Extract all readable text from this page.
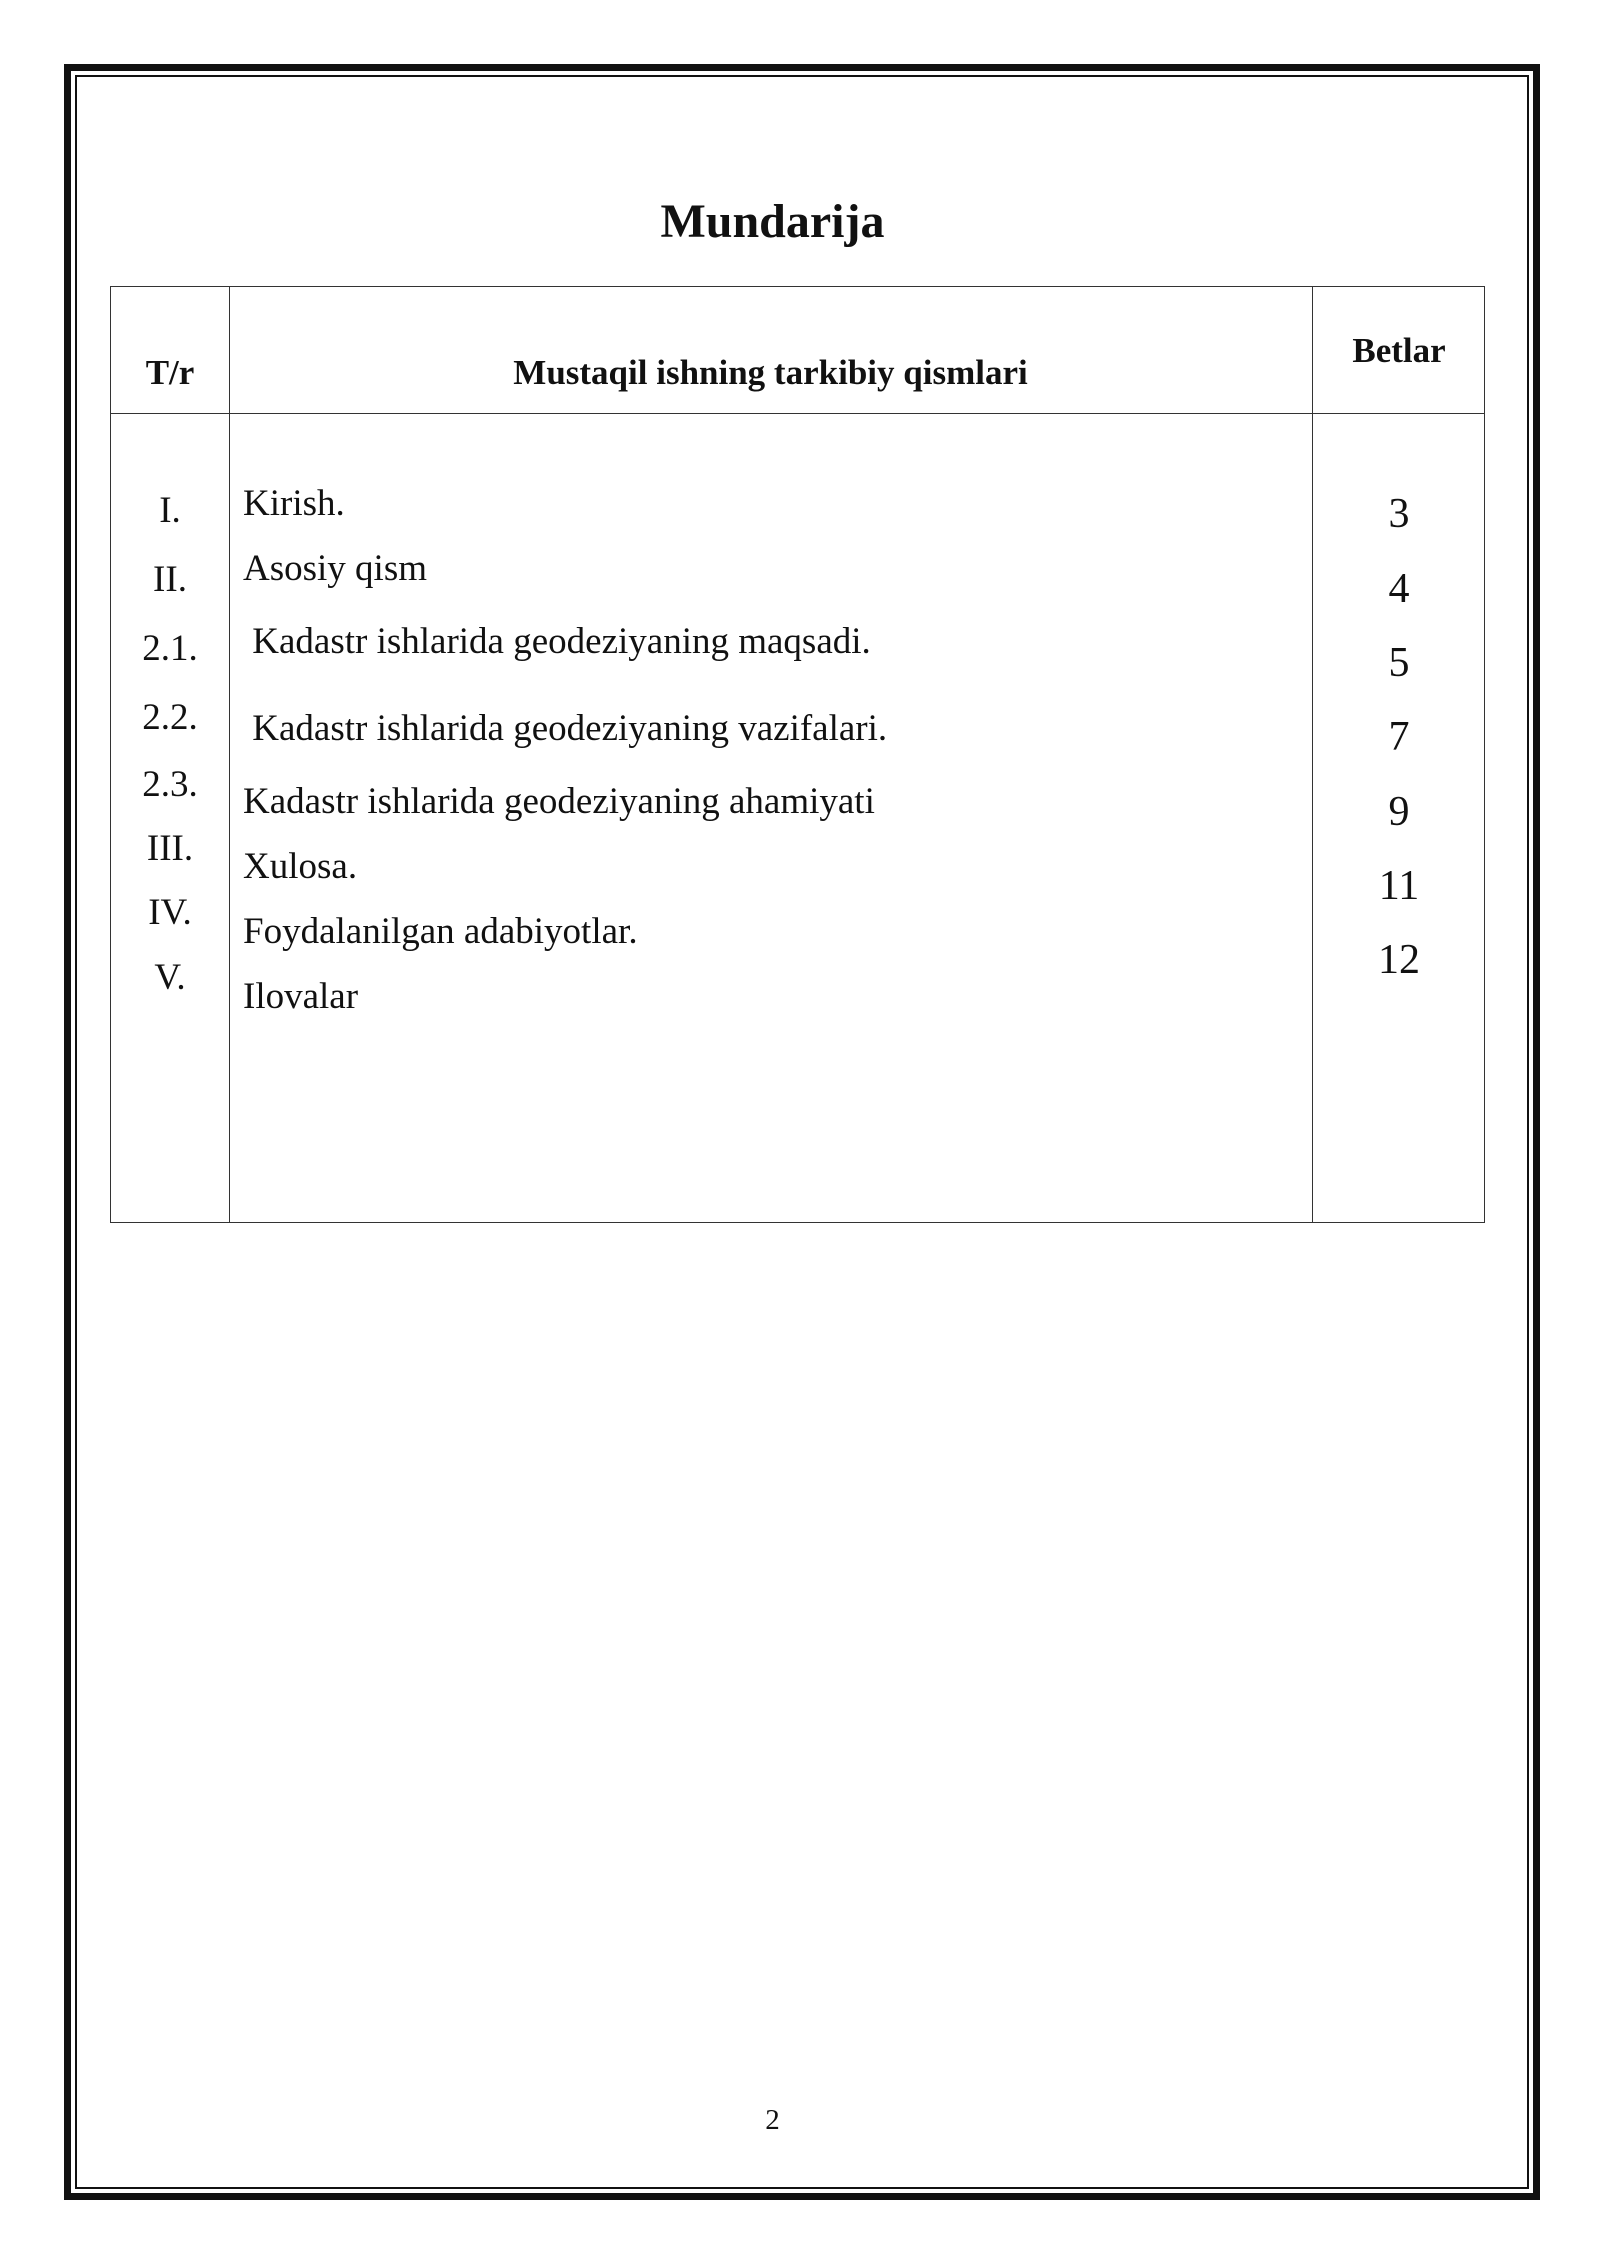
Mundarija
T/r	Mustaqil ishning tarkibiy qismlari
Betlar
I.
II.
2.1.
2.2.
2.3.
III.
IV.
V.
Kirish.
Asosiy qism
Kadastr ishlarida geodeziyaning maqsadi.
Kadastr ishlarida geodeziyaning vazifalari.
Kadastr ishlarida geodeziyaning ahamiyati
Xulosa.
Foydalanilgan adabiyotlar.
Ilovalar
3
4
5
7
9
11
12
2
